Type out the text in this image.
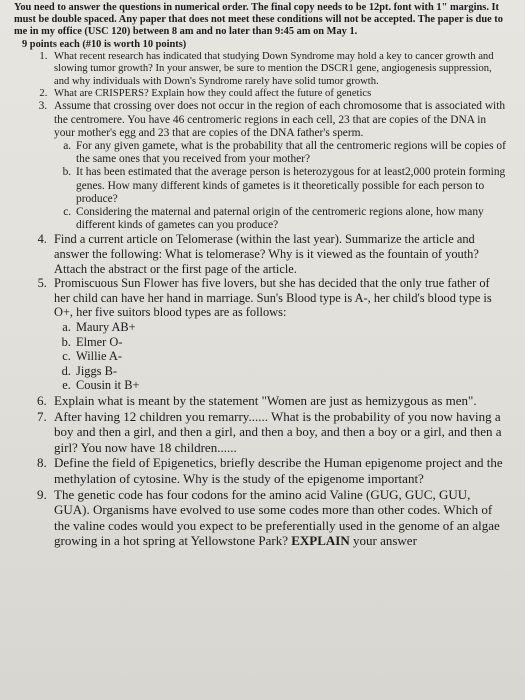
You need to answer the questions in numerical order. The final copy needs to be 12pt. font with 1" margins. It must be double spaced. Any paper that does not meet these conditions will not be accepted. The paper is due to me in my office (USC 120) between 8 am and no later than 9:45 am on May 1.
9 points each (#10 is worth 10 points)
1. What recent research has indicated that studying Down Syndrome may hold a key to cancer growth and slowing tumor growth? In your answer, be sure to mention the DSCR1 gene, angiogenesis suppression, and why individuals with Down's Syndrome rarely have solid tumor growth.
2. What are CRISPERS? Explain how they could affect the future of genetics
3. Assume that crossing over does not occur in the region of each chromosome that is associated with the centromere. You have 46 centromeric regions in each cell, 23 that are copies of the DNA in your mother's egg and 23 that are copies of the DNA father's sperm.
a. For any given gamete, what is the probability that all the centromeric regions will be copies of the same ones that you received from your mother?
b. It has been estimated that the average person is heterozygous for at least2,000 protein forming genes. How many different kinds of gametes is it theoretically possible for each person to produce?
c. Considering the maternal and paternal origin of the centromeric regions alone, how many different kinds of gametes can you produce?
4. Find a current article on Telomerase (within the last year). Summarize the article and answer the following: What is telomerase? Why is it viewed as the fountain of youth? Attach the abstract or the first page of the article.
5. Promiscuous Sun Flower has five lovers, but she has decided that the only true father of her child can have her hand in marriage. Sun's Blood type is A-, her child's blood type is O+, her five suitors blood types are as follows:
a. Maury AB+
b. Elmer O-
c. Willie A-
d. Jiggs B-
e. Cousin it B+
6. Explain what is meant by the statement "Women are just as hemizygous as men".
7. After having 12 children you remarry...... What is the probability of you now having a boy and then a girl, and then a girl, and then a boy, and then a boy or a girl, and then a girl? You now have 18 children......
8. Define the field of Epigenetics, briefly describe the Human epigenome project and the methylation of cytosine. Why is the study of the epigenome important?
9. The genetic code has four codons for the amino acid Valine (GUG, GUC, GUU, GUA). Organisms have evolved to use some codes more than other codes. Which of the valine codes would you expect to be preferentially used in the genome of an algae growing in a hot spring at Yellowstone Park? EXPLAIN your answer
